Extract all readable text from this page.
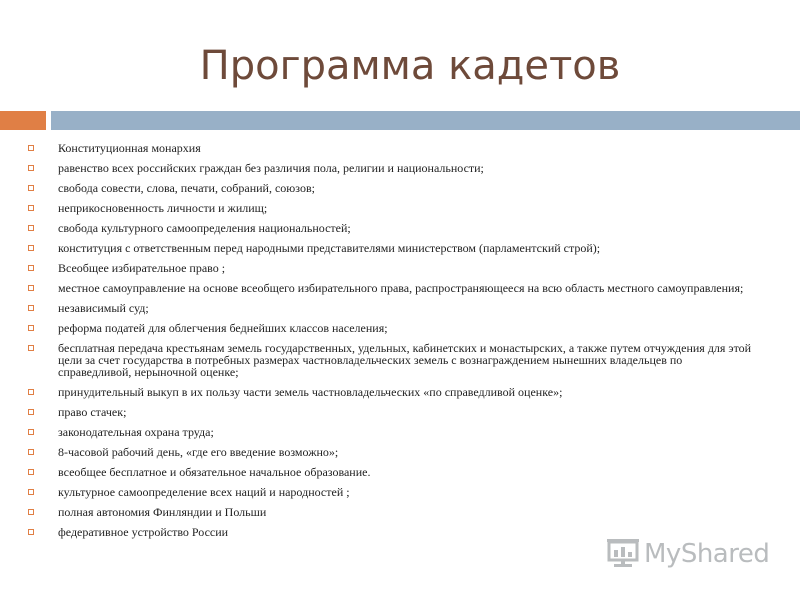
Программа кадетов
Конституционная монархия
равенство всех российских граждан без различия пола, религии и национальности;
свобода совести, слова, печати, собраний, союзов;
неприкосновенность личности и жилищ;
свобода культурного самоопределения национальностей;
конституция с ответственным перед народными представителями министерством (парламентский строй);
Всеобщее избирательное право ;
местное самоуправление на основе всеобщего избирательного права, распространяющееся на всю область местного самоуправления;
независимый суд;
реформа податей для облегчения беднейших классов населения;
бесплатная передача крестьянам земель государственных, удельных, кабинетских и монастырских, а также путем отчуждения для этой цели за счет государства в потребных размерах частновладельческих земель с вознаграждением нынешних владельцев по справедливой, нерыночной оценке;
принудительный выкуп в их пользу части земель частновладельческих «по справедливой оценке»;
право стачек;
законодательная охрана труда;
8-часовой рабочий день, «где его введение возможно»;
всеобщее бесплатное и обязательное начальное образование.
культурное самоопределение всех наций и народностей ;
полная автономия Финляндии и Польши
федеративное устройство России
MyShared
